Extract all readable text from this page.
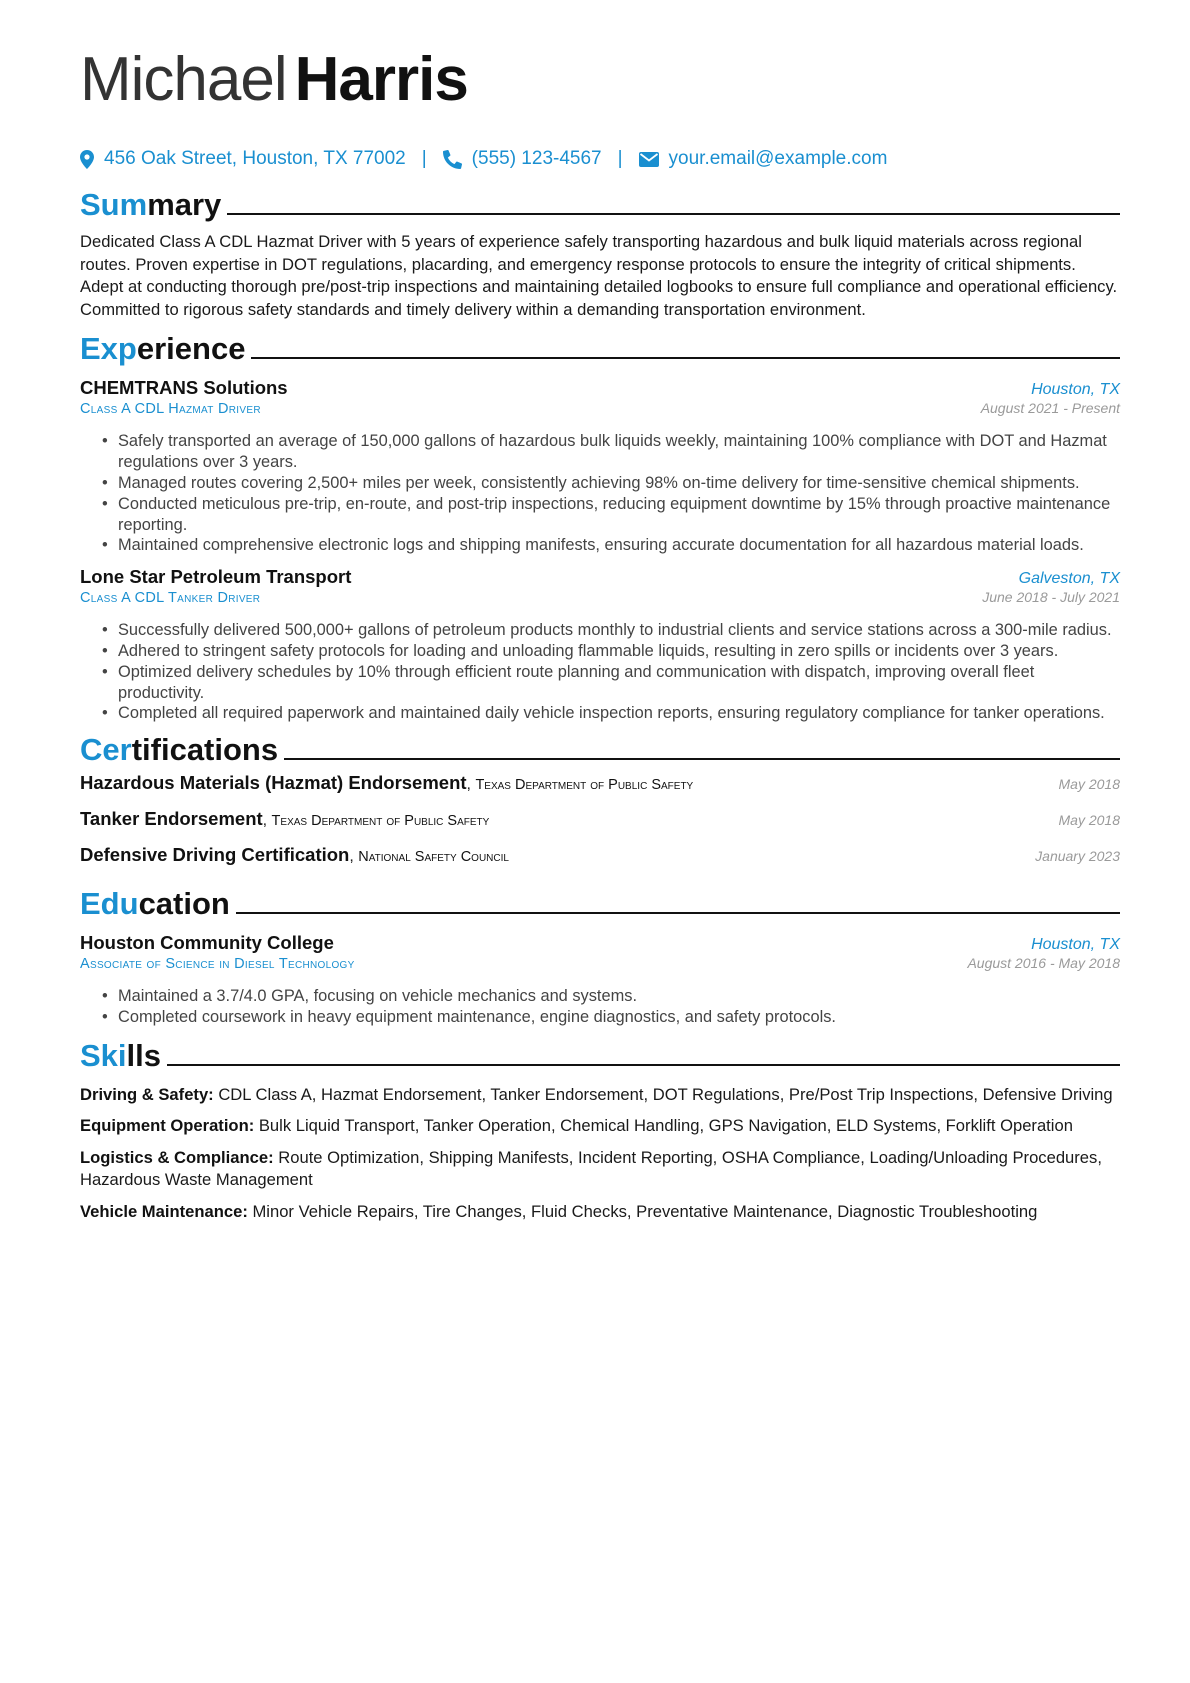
Michael Harris
456 Oak Street, Houston, TX 77002 | (555) 123-4567 | your.email@example.com
Sum mary
Dedicated Class A CDL Hazmat Driver with 5 years of experience safely transporting hazardous and bulk liquid materials across regional routes. Proven expertise in DOT regulations, placarding, and emergency response protocols to ensure the integrity of critical shipments. Adept at conducting thorough pre/post-trip inspections and maintaining detailed logbooks to ensure full compliance and operational efficiency. Committed to rigorous safety standards and timely delivery within a demanding transportation environment.
Exp erience
CHEMTRANS Solutions	Houston, TX
Class A CDL Hazmat Driver	August 2021 - Present
• Safely transported an average of 150,000 gallons of hazardous bulk liquids weekly, maintaining 100% compliance with DOT and Hazmat regulations over 3 years.
• Managed routes covering 2,500+ miles per week, consistently achieving 98% on-time delivery for time-sensitive chemical shipments.
• Conducted meticulous pre-trip, en-route, and post-trip inspections, reducing equipment downtime by 15% through proactive maintenance reporting.
• Maintained comprehensive electronic logs and shipping manifests, ensuring accurate documentation for all hazardous material loads.
Lone Star Petroleum Transport	Galveston, TX
Class A CDL Tanker Driver	June 2018 - July 2021
• Successfully delivered 500,000+ gallons of petroleum products monthly to industrial clients and service stations across a 300-mile radius.
• Adhered to stringent safety protocols for loading and unloading flammable liquids, resulting in zero spills or incidents over 3 years.
• Optimized delivery schedules by 10% through efficient route planning and communication with dispatch, improving overall fleet productivity.
• Completed all required paperwork and maintained daily vehicle inspection reports, ensuring regulatory compliance for tanker operations.
Cer tifications
Hazardous Materials (Hazmat) Endorsement, Texas Department of Public Safety	May 2018
Tanker Endorsement, Texas Department of Public Safety	May 2018
Defensive Driving Certification, National Safety Council	January 2023
Edu cation
Houston Community College	Houston, TX
Associate of Science in Diesel Technology	August 2016 - May 2018
• Maintained a 3.7/4.0 GPA, focusing on vehicle mechanics and systems.
• Completed coursework in heavy equipment maintenance, engine diagnostics, and safety protocols.
Ski lls
Driving & Safety: CDL Class A, Hazmat Endorsement, Tanker Endorsement, DOT Regulations, Pre/Post Trip Inspections, Defensive Driving
Equipment Operation: Bulk Liquid Transport, Tanker Operation, Chemical Handling, GPS Navigation, ELD Systems, Forklift Operation
Logistics & Compliance: Route Optimization, Shipping Manifests, Incident Reporting, OSHA Compliance, Loading/Unloading Procedures, Hazardous Waste Management
Vehicle Maintenance: Minor Vehicle Repairs, Tire Changes, Fluid Checks, Preventative Maintenance, Diagnostic Troubleshooting
